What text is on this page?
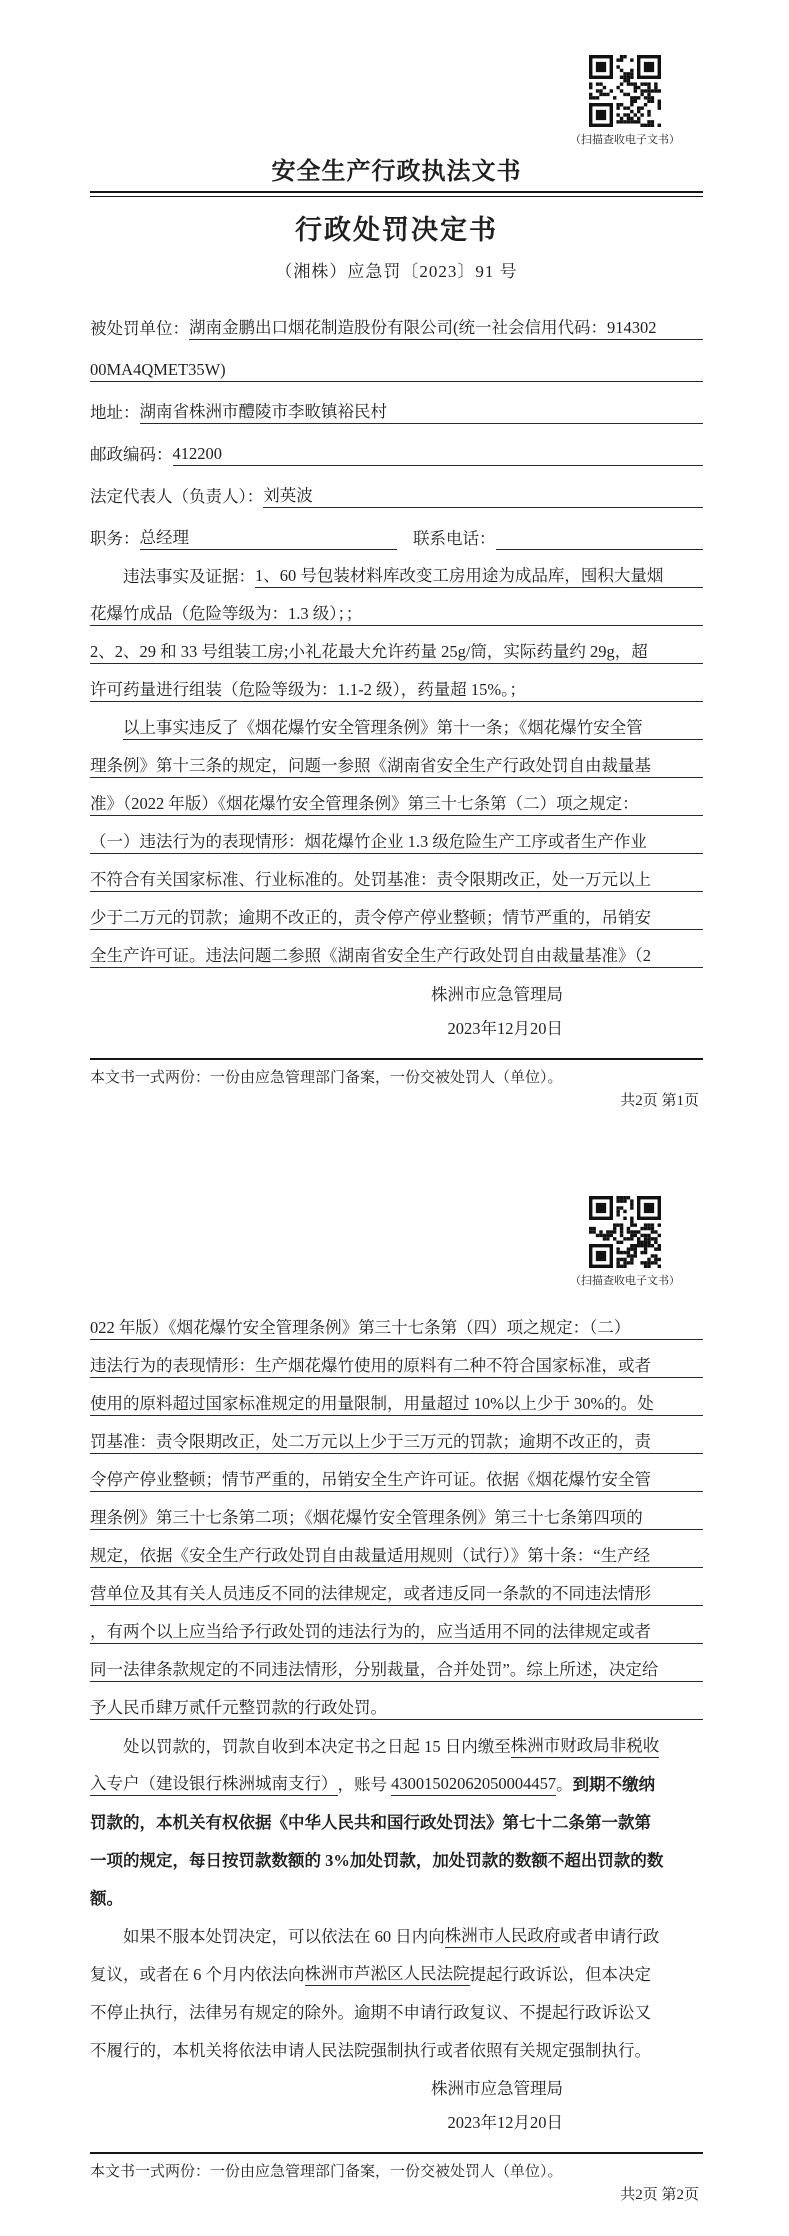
（扫描查收电子文书）
安全生产行政执法文书
行政处罚决定书
（湘株）应急罚〔2023〕91 号
被处罚单位： 湖南金鹏出口烟花制造股份有限公司(统一社会信用代码：914302
00MA4QMET35W)
地址： 湖南省株洲市醴陵市李畋镇裕民村
邮政编码： 412200
法定代表人（负责人）： 刘英波
职务： 总经理	　联系电话：
违法事实及证据： 1、60 号包装材料库改变工房用途为成品库，囤积大量烟
花爆竹成品（危险等级为：1.3 级）；；
2、2、29 和 33 号组装工房;小礼花最大允许药量 25g/筒，实际药量约 29g，超
许可药量进行组装（危险等级为：1.1-2 级），药量超 15%。；
以上事实违反了《烟花爆竹安全管理条例》第十一条；《烟花爆竹安全管
理条例》第十三条的规定，问题一参照《湖南省安全生产行政处罚自由裁量基
准》（2022 年版）《烟花爆竹安全管理条例》第三十七条第（二）项之规定：
（一）违法行为的表现情形：烟花爆竹企业 1.3 级危险生产工序或者生产作业
不符合有关国家标准、行业标准的。处罚基准：责令限期改正，处一万元以上
少于二万元的罚款；逾期不改正的，责令停产停业整顿；情节严重的，吊销安
全生产许可证。违法问题二参照《湖南省安全生产行政处罚自由裁量基准》（2
株洲市应急管理局
2023年12月20日
本文书一式两份：一份由应急管理部门备案，一份交被处罚人（单位）。
共2页 第1页
（扫描查收电子文书）
022 年版）《烟花爆竹安全管理条例》第三十七条第（四）项之规定：（二）
违法行为的表现情形：生产烟花爆竹使用的原料有二种不符合国家标准，或者
使用的原料超过国家标准规定的用量限制，用量超过 10%以上少于 30%的。处
罚基准：责令限期改正，处二万元以上少于三万元的罚款；逾期不改正的，责
令停产停业整顿；情节严重的，吊销安全生产许可证。依据《烟花爆竹安全管
理条例》第三十七条第二项；《烟花爆竹安全管理条例》第三十七条第四项的
规定，依据《安全生产行政处罚自由裁量适用规则（试行）》第十条：“生产经
营单位及其有关人员违反不同的法律规定，或者违反同一条款的不同违法情形
，有两个以上应当给予行政处罚的违法行为的，应当适用不同的法律规定或者
同一法律条款规定的不同违法情形，分别裁量，合并处罚”。综上所述，决定给
予人民币肆万贰仟元整罚款的行政处罚。
处以罚款的，罚款自收到本决定书之日起 15 日内缴至 株洲市财政局非税收
入专户（建设银行株洲城南支行） ，账号 43001502062050004457 。 到期不缴纳
罚款的，本机关有权依据《中华人民共和国行政处罚法》第七十二条第一款第
一项的规定，每日按罚款数额的 3%加处罚款，加处罚款的数额不超出罚款的数
额。
如果不服本处罚决定，可以依法在 60 日内向 株洲市人民政府 或者申请行政
复议，或者在 6 个月内依法向 株洲市芦淞区人民法院 提起行政诉讼，但本决定
不停止执行，法律另有规定的除外。逾期不申请行政复议、不提起行政诉讼又
不履行的，本机关将依法申请人民法院强制执行或者依照有关规定强制执行。
株洲市应急管理局
2023年12月20日
本文书一式两份：一份由应急管理部门备案，一份交被处罚人（单位）。
共2页 第2页
